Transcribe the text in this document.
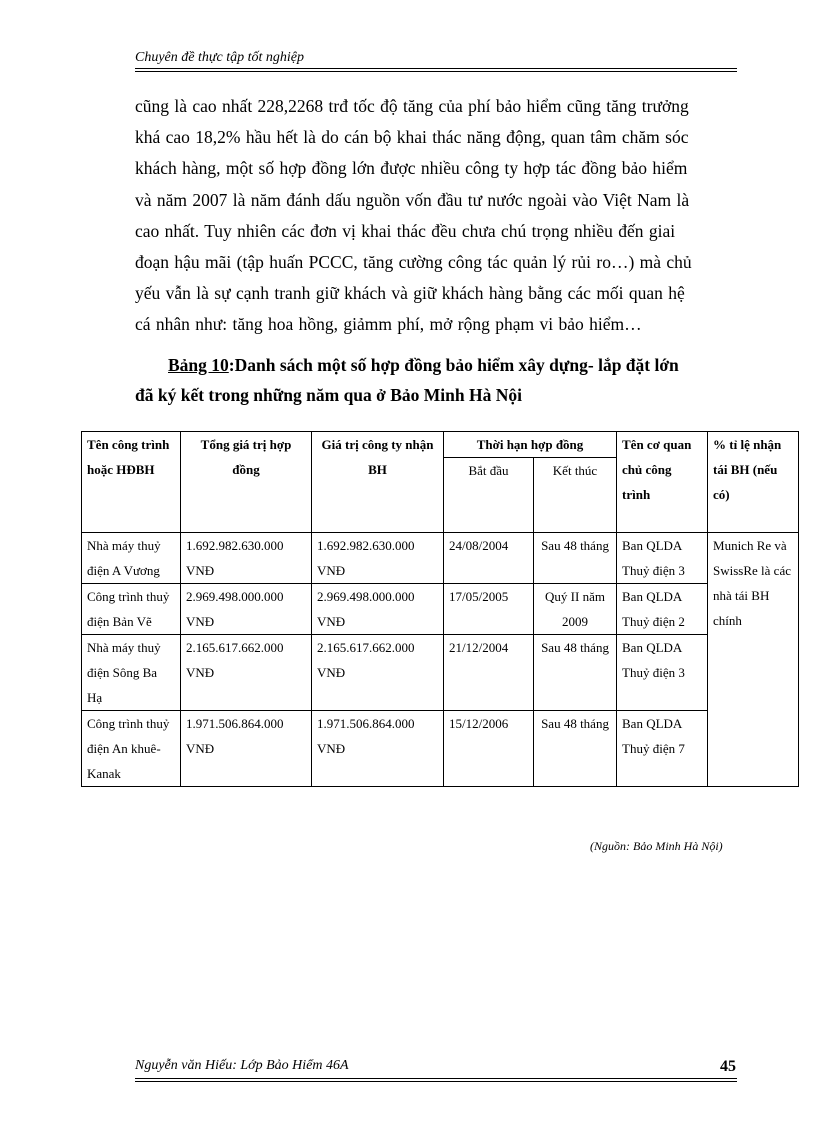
Chuyên đề thực tập tốt nghiệp
cũng là cao nhất 228,2268 trđ tốc độ tăng của phí bảo hiểm cũng tăng trưởng
khá cao 18,2% hầu hết là do cán bộ khai thác năng động, quan tâm chăm sóc
khách hàng, một số hợp đồng lớn được nhiều công ty hợp tác đồng bảo hiểm
và năm 2007 là năm đánh dấu nguồn vốn đầu tư nước ngoài vào Việt Nam là
cao nhất. Tuy nhiên các đơn vị khai thác đều chưa chú trọng nhiều đến giai
đoạn hậu mãi (tập huấn PCCC, tăng cường công tác quản lý rủi ro…) mà chủ
yếu vẫn là sự cạnh tranh giữ khách và giữ khách hàng bằng các mối quan hệ
cá nhân như: tăng hoa hồng, giảmm phí, mở rộng phạm vi bảo hiểm…
Bảng 10:Danh sách một số hợp đồng bảo hiểm xây dựng- lắp đặt lớn
đã ký kết trong những năm qua ở Bảo Minh Hà Nội
Tên công trình hoặc HĐBH	Tổng giá trị hợp đồng	Giá trị công ty nhận BH	Thời hạn hợp đồng		Tên cơ quan chủ công trình	% tỉ lệ nhận tái BH (nếu có)
			Bắt đầu	Kết thúc		
Nhà máy thuỷ điện A Vương	1.692.982.630.000 VNĐ	1.692.982.630.000 VNĐ	24/08/2004	Sau 48 tháng	Ban QLDA Thuỷ điện 3	Munich Re và SwissRe là các nhà tái BH chính
Công trình thuỷ điện Bản Vẽ	2.969.498.000.000 VNĐ	2.969.498.000.000 VNĐ	17/05/2005	Quý II năm 2009	Ban QLDA Thuỷ điện 2	
Nhà máy thuỷ điện Sông Ba Hạ	2.165.617.662.000 VNĐ	2.165.617.662.000 VNĐ	21/12/2004	Sau 48 tháng	Ban QLDA Thuỷ điện 3	
Công trình thuỷ điện An khuê-Kanak	1.971.506.864.000 VNĐ	1.971.506.864.000 VNĐ	15/12/2006	Sau 48 tháng	Ban QLDA Thuỷ điện 7	
(Nguồn: Bảo Minh Hà Nội)
Nguyễn văn Hiếu: Lớp Bảo Hiểm 46A	45
